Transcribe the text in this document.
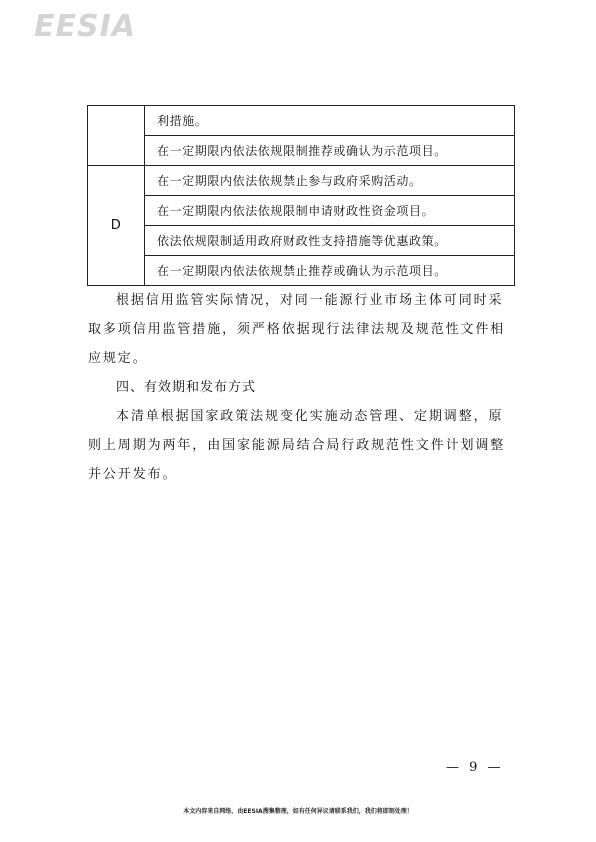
EESIA
	利措施。
	在一定期限内依法依规限制推荐或确认为示范项目。
D	在一定期限内依法依规禁止参与政府采购活动。
	在一定期限内依法依规限制申请财政性资金项目。
	依法依规限制适用政府财政性支持措施等优惠政策。
	在一定期限内依法依规禁止推荐或确认为示范项目。

根据信用监管实际情况，对同一能源行业市场主体可同时采取多项信用监管措施，须严格依据现行法律法规及规范性文件相应规定。

四、有效期和发布方式

本清单根据国家政策法规变化实施动态管理、定期调整，原则上周期为两年，由国家能源局结合局行政规范性文件计划调整并公开发布。

— 9 —
本文内容来自网络，由EESIA搜集整理，如有任何异议请联系我们，我们将即刻处理！
